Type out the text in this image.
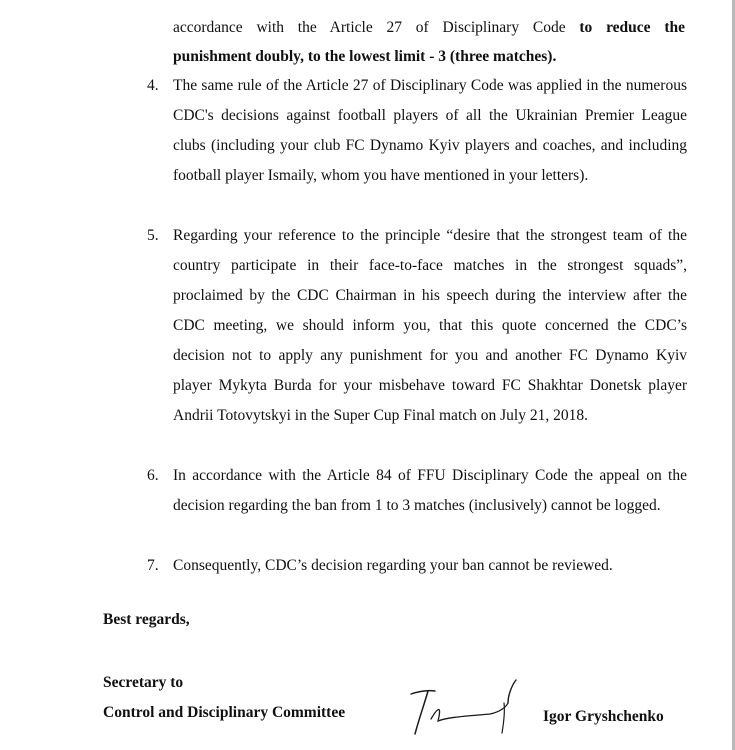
accordance with the Article 27 of Disciplinary Code to reduce the
punishment doubly, to the lowest limit - 3 (three matches).
4. The same rule of the Article 27 of Disciplinary Code was applied in the numerous CDC's decisions against football players of all the Ukrainian Premier League clubs (including your club FC Dynamo Kyiv players and coaches, and including football player Ismaily, whom you have mentioned in your letters).
5. Regarding your reference to the principle “desire that the strongest team of the country participate in their face-to-face matches in the strongest squads”, proclaimed by the CDC Chairman in his speech during the interview after the CDC meeting, we should inform you, that this quote concerned the CDC’s decision not to apply any punishment for you and another FC Dynamo Kyiv player Mykyta Burda for your misbehave toward FC Shakhtar Donetsk player Andrii Totovytskyi in the Super Cup Final match on July 21, 2018.
6. In accordance with the Article 84 of FFU Disciplinary Code the appeal on the decision regarding the ban from 1 to 3 matches (inclusively) cannot be logged.
7. Consequently, CDC’s decision regarding your ban cannot be reviewed.
Best regards,
Secretary to
Control and Disciplinary Committee	Igor Gryshchenko
